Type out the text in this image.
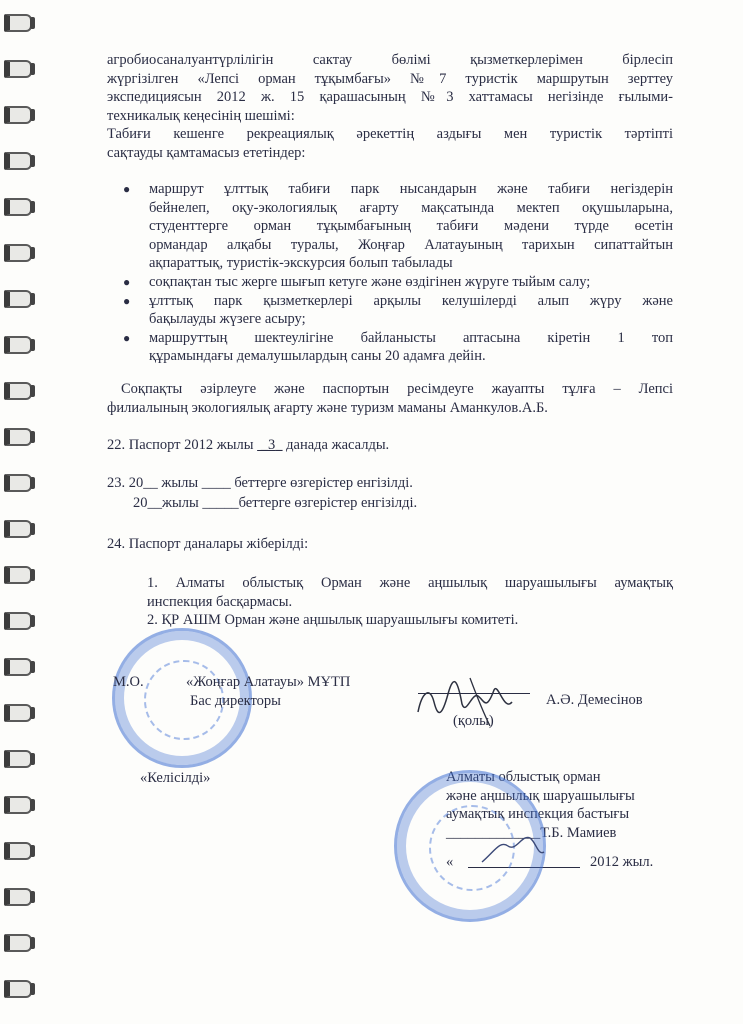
агробиосаналуантүрлілігін сактау бөлімі қызметкерлерімен бірлесіп
жүргізілген «Лепсі орман тұқымбағы» №7 туристік маршрутын зерттеу
экспедициясын 2012 ж. 15 қарашасының №3 хаттамасы негізінде ғылыми-
техникалық кеңесінің шешімі:
Табиғи кешенге рекреациялық әрекеттің аздығы мен туристік тәртіпті
сақтауды қамтамасыз ететіндер:
● маршрут ұлттық табиғи парк нысандарын және табиғи негіздерін
бейнелеп, оқу-экологиялық ағарту мақсатында мектеп оқушыларына,
студенттерге орман тұқымбағының табиғи мәдени түрде өсетін
ормандар алқабы туралы, Жоңғар Алатауының тарихын сипаттайтын
ақпараттық, туристік-экскурсия болып табылады
● соқпақтан тыс жерге шығып кетуге және өздігінен жүруге тыйым салу;
● ұлттық парк қызметкерлері арқылы келушілерді алып жүру және
бақылауды жүзеге асыру;
● маршруттың шектеулігіне байланысты аптасына кіретін 1 топ
құрамындағы демалушылардың саны 20 адамға дейін.
Соқпақты әзірлеуге және паспортын ресімдеуге жауапты тұлға – Лепсі
филиалының экологиялық ағарту және туризм маманы Аманкулов.А.Б.
22. Паспорт 2012 жылы  _3_ данада жасалды.
23. 20__ жылы ____ беттерге өзгерістер енгізілді.
20__жылы _____беттерге өзгерістер енгізілді.
24. Паспорт даналары жіберілді:
1. Алматы облыстық Орман және аңшылық шаруашылығы аумақтық
инспекция басқармасы.
2. ҚР АШМ Орман және аңшылық шаруашылығы комитеті.
М.О.	«Жоңғар Алатауы» МҰТП
Бас директоры
(қолы)
А.Ә. Демесінов
«Келісілді»	Алматы облыстық орман
және аңшылық шаруашылығы
аумақтық инспекция бастығы
_____________Т.Б. Мамиев
«	2012 жыл.
